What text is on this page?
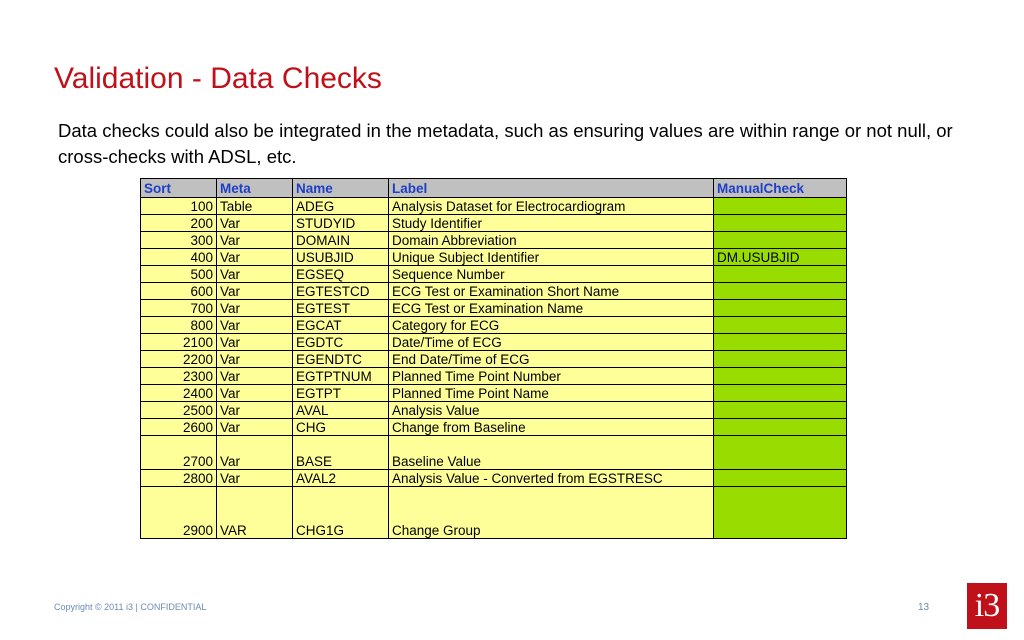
Validation - Data Checks
Data checks could also be integrated in the metadata, such as ensuring values are within range or not null, or cross-checks with ADSL, etc.
Sort	Meta	Name	Label	ManualCheck
100	Table	ADEG	Analysis Dataset for Electrocardiogram	
200	Var	STUDYID	Study Identifier	
300	Var	DOMAIN	Domain Abbreviation	
400	Var	USUBJID	Unique Subject Identifier	DM.USUBJID
500	Var	EGSEQ	Sequence Number	
600	Var	EGTESTCD	ECG Test or Examination Short Name	
700	Var	EGTEST	ECG Test or Examination Name	
800	Var	EGCAT	Category for ECG	
2100	Var	EGDTC	Date/Time of ECG	
2200	Var	EGENDTC	End Date/Time of ECG	
2300	Var	EGTPTNUM	Planned Time Point Number	
2400	Var	EGTPT	Planned Time Point Name	
2500	Var	AVAL	Analysis Value	
2600	Var	CHG	Change from Baseline	
2700	Var	BASE	Baseline Value	
2800	Var	AVAL2	Analysis Value - Converted from EGSTRESC	
2900	VAR	CHG1G	Change Group	
Copyright © 2011 i3 | CONFIDENTIAL	13 i3
